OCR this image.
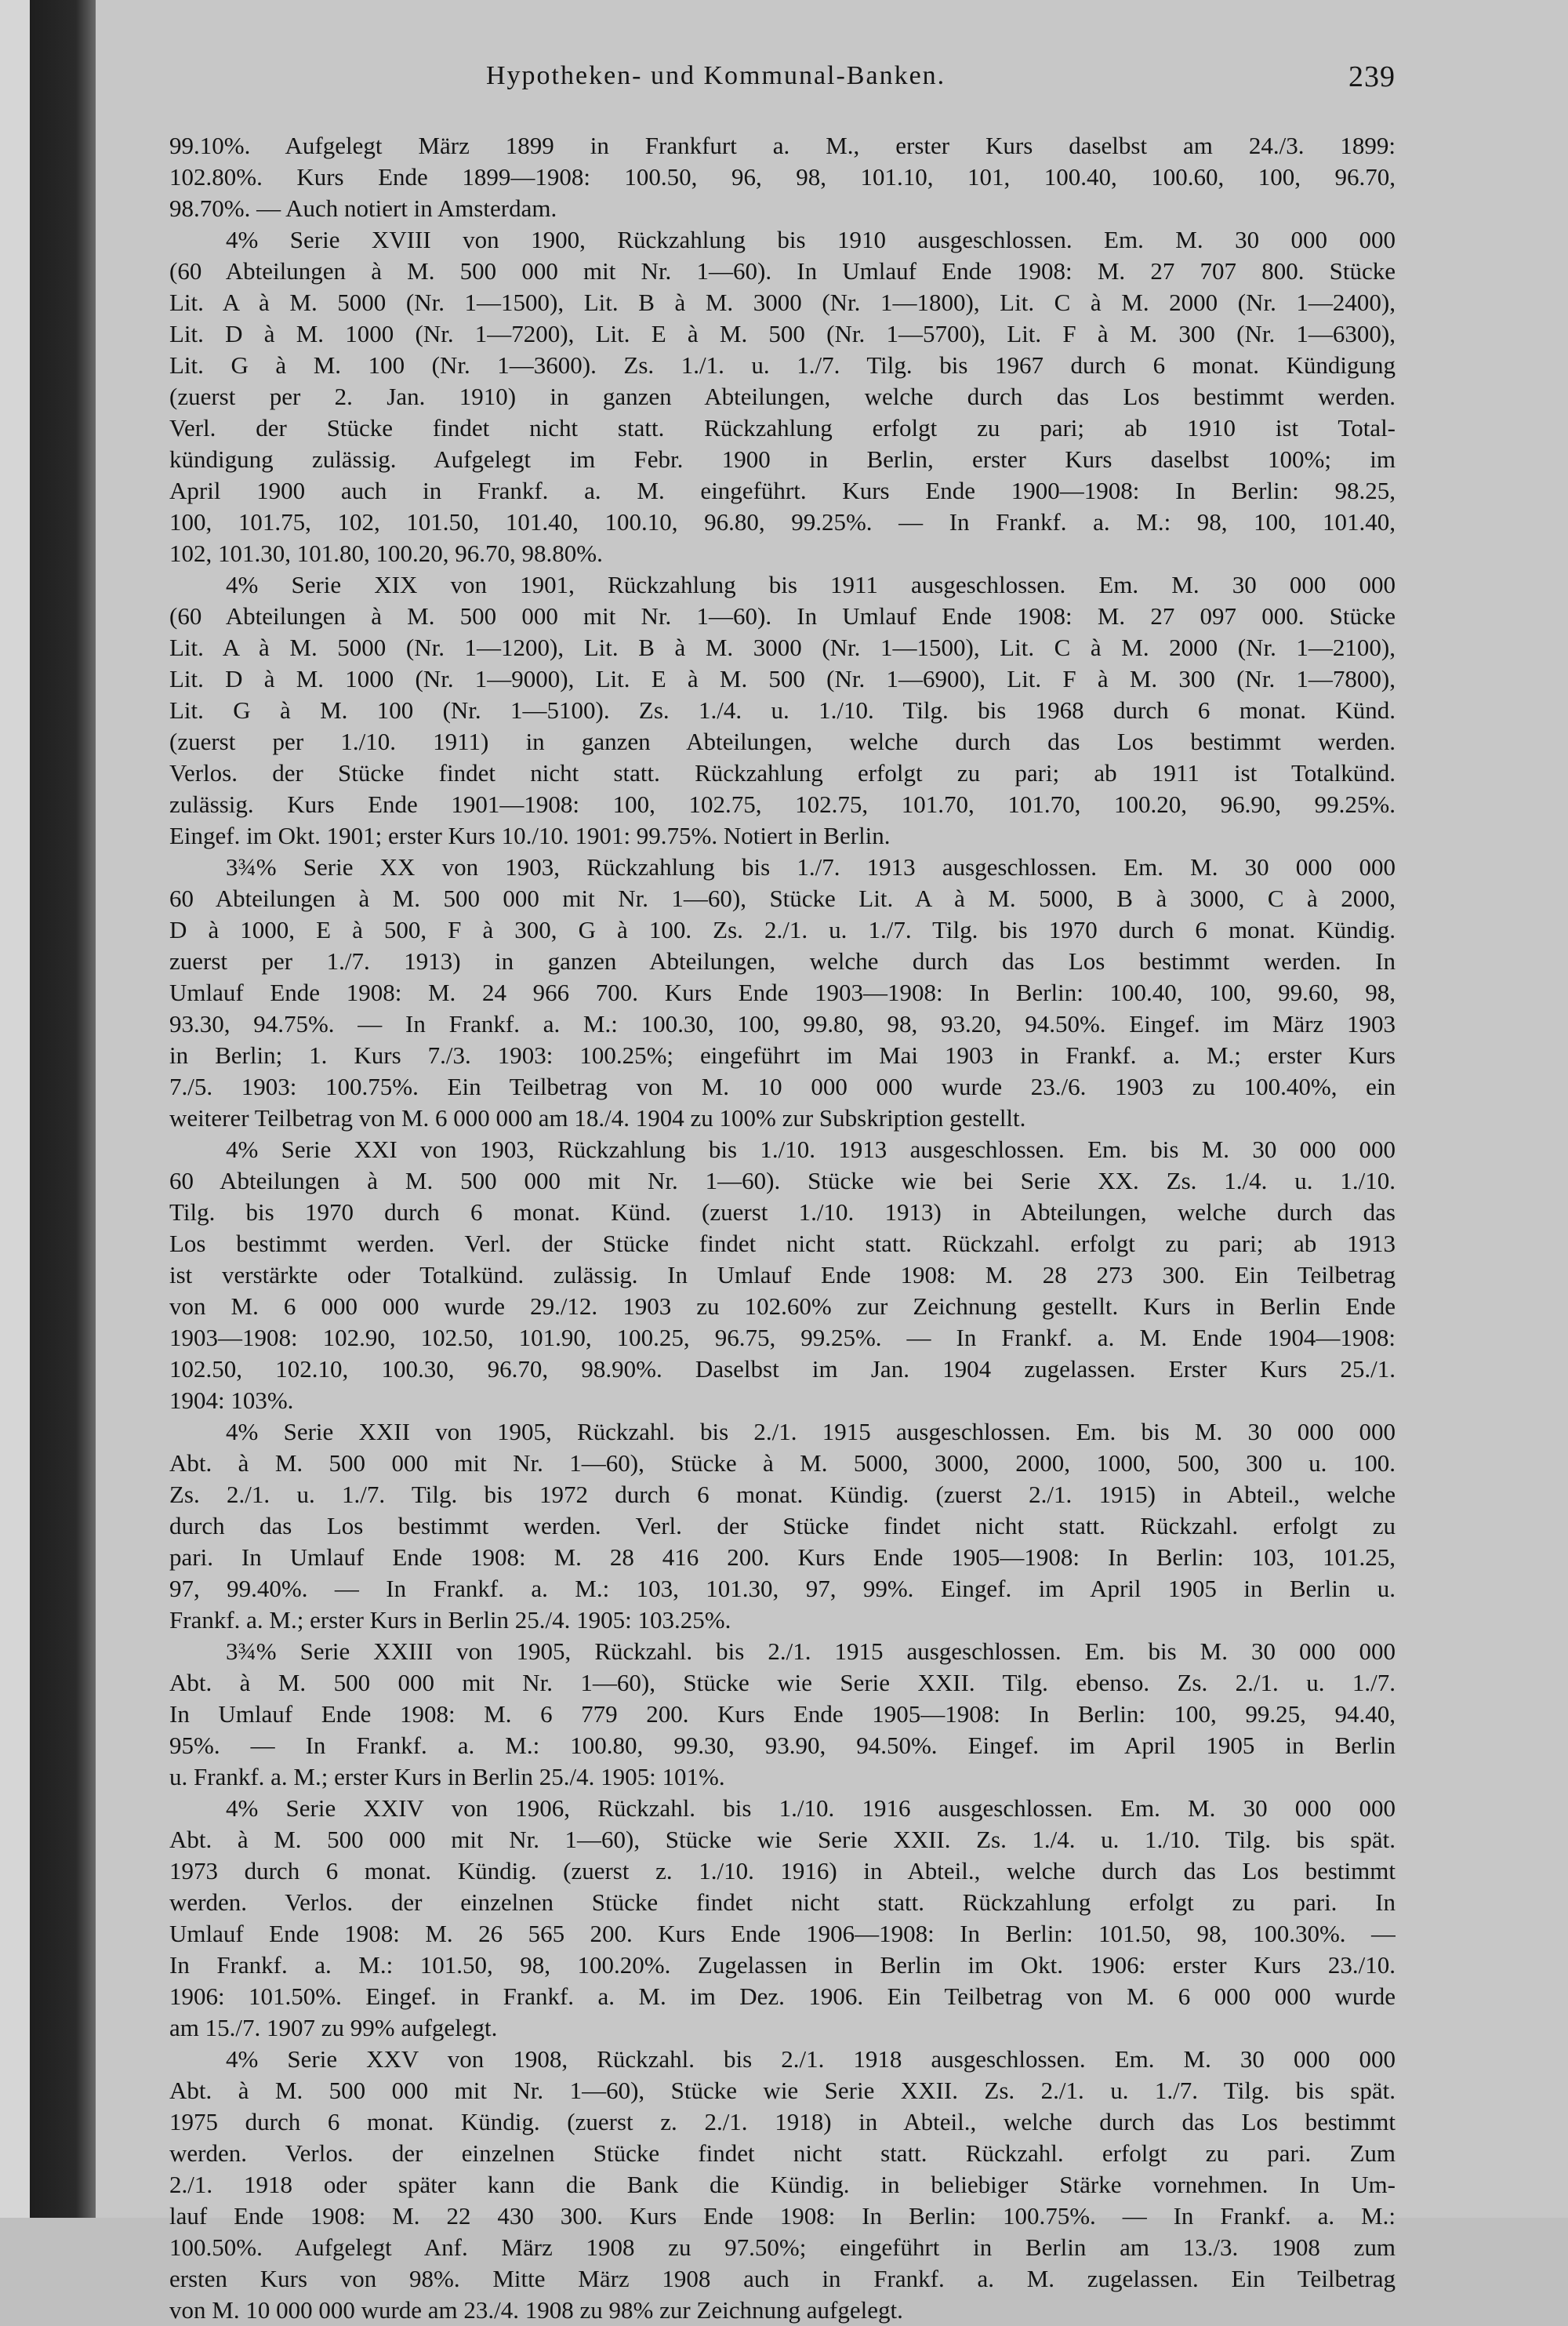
Hypotheken- und Kommunal-Banken.	239
99.10%. Aufgelegt März 1899 in Frankfurt a. M., erster Kurs daselbst am 24./3. 1899:
102.80%. Kurs Ende 1899—1908: 100.50, 96, 98, 101.10, 101, 100.40, 100.60, 100, 96.70,
98.70%. — Auch notiert in Amsterdam.
4% Serie XVIII von 1900, Rückzahlung bis 1910 ausgeschlossen. Em. M. 30 000 000
(60 Abteilungen à M. 500 000 mit Nr. 1—60). In Umlauf Ende 1908: M. 27 707 800. Stücke
Lit. A à M. 5000 (Nr. 1—1500), Lit. B à M. 3000 (Nr. 1—1800), Lit. C à M. 2000 (Nr. 1—2400),
Lit. D à M. 1000 (Nr. 1—7200), Lit. E à M. 500 (Nr. 1—5700), Lit. F à M. 300 (Nr. 1—6300),
Lit. G à M. 100 (Nr. 1—3600). Zs. 1./1. u. 1./7. Tilg. bis 1967 durch 6 monat. Kündigung
(zuerst per 2. Jan. 1910) in ganzen Abteilungen, welche durch das Los bestimmt werden.
Verl. der Stücke findet nicht statt. Rückzahlung erfolgt zu pari; ab 1910 ist Total-
kündigung zulässig. Aufgelegt im Febr. 1900 in Berlin, erster Kurs daselbst 100%; im
April 1900 auch in Frankf. a. M. eingeführt. Kurs Ende 1900—1908: In Berlin: 98.25,
100, 101.75, 102, 101.50, 101.40, 100.10, 96.80, 99.25%. — In Frankf. a. M.: 98, 100, 101.40,
102, 101.30, 101.80, 100.20, 96.70, 98.80%.
4% Serie XIX von 1901, Rückzahlung bis 1911 ausgeschlossen. Em. M. 30 000 000
(60 Abteilungen à M. 500 000 mit Nr. 1—60). In Umlauf Ende 1908: M. 27 097 000. Stücke
Lit. A à M. 5000 (Nr. 1—1200), Lit. B à M. 3000 (Nr. 1—1500), Lit. C à M. 2000 (Nr. 1—2100),
Lit. D à M. 1000 (Nr. 1—9000), Lit. E à M. 500 (Nr. 1—6900), Lit. F à M. 300 (Nr. 1—7800),
Lit. G à M. 100 (Nr. 1—5100). Zs. 1./4. u. 1./10. Tilg. bis 1968 durch 6 monat. Künd.
(zuerst per 1./10. 1911) in ganzen Abteilungen, welche durch das Los bestimmt werden.
Verlos. der Stücke findet nicht statt. Rückzahlung erfolgt zu pari; ab 1911 ist Totalkünd.
zulässig. Kurs Ende 1901—1908: 100, 102.75, 102.75, 101.70, 101.70, 100.20, 96.90, 99.25%.
Eingef. im Okt. 1901; erster Kurs 10./10. 1901: 99.75%. Notiert in Berlin.
3¾% Serie XX von 1903, Rückzahlung bis 1./7. 1913 ausgeschlossen. Em. M. 30 000 000
60 Abteilungen à M. 500 000 mit Nr. 1—60), Stücke Lit. A à M. 5000, B à 3000, C à 2000,
D à 1000, E à 500, F à 300, G à 100. Zs. 2./1. u. 1./7. Tilg. bis 1970 durch 6 monat. Kündig.
zuerst per 1./7. 1913) in ganzen Abteilungen, welche durch das Los bestimmt werden. In
Umlauf Ende 1908: M. 24 966 700. Kurs Ende 1903—1908: In Berlin: 100.40, 100, 99.60, 98,
93.30, 94.75%. — In Frankf. a. M.: 100.30, 100, 99.80, 98, 93.20, 94.50%. Eingef. im März 1903
in Berlin; 1. Kurs 7./3. 1903: 100.25%; eingeführt im Mai 1903 in Frankf. a. M.; erster Kurs
7./5. 1903: 100.75%. Ein Teilbetrag von M. 10 000 000 wurde 23./6. 1903 zu 100.40%, ein
weiterer Teilbetrag von M. 6 000 000 am 18./4. 1904 zu 100% zur Subskription gestellt.
4% Serie XXI von 1903, Rückzahlung bis 1./10. 1913 ausgeschlossen. Em. bis M. 30 000 000
60 Abteilungen à M. 500 000 mit Nr. 1—60). Stücke wie bei Serie XX. Zs. 1./4. u. 1./10.
Tilg. bis 1970 durch 6 monat. Künd. (zuerst 1./10. 1913) in Abteilungen, welche durch das
Los bestimmt werden. Verl. der Stücke findet nicht statt. Rückzahl. erfolgt zu pari; ab 1913
ist verstärkte oder Totalkünd. zulässig. In Umlauf Ende 1908: M. 28 273 300. Ein Teilbetrag
von M. 6 000 000 wurde 29./12. 1903 zu 102.60% zur Zeichnung gestellt. Kurs in Berlin Ende
1903—1908: 102.90, 102.50, 101.90, 100.25, 96.75, 99.25%. — In Frankf. a. M. Ende 1904—1908:
102.50, 102.10, 100.30, 96.70, 98.90%. Daselbst im Jan. 1904 zugelassen. Erster Kurs 25./1.
1904: 103%.
4% Serie XXII von 1905, Rückzahl. bis 2./1. 1915 ausgeschlossen. Em. bis M. 30 000 000
Abt. à M. 500 000 mit Nr. 1—60), Stücke à M. 5000, 3000, 2000, 1000, 500, 300 u. 100.
Zs. 2./1. u. 1./7. Tilg. bis 1972 durch 6 monat. Kündig. (zuerst 2./1. 1915) in Abteil., welche
durch das Los bestimmt werden. Verl. der Stücke findet nicht statt. Rückzahl. erfolgt zu
pari. In Umlauf Ende 1908: M. 28 416 200. Kurs Ende 1905—1908: In Berlin: 103, 101.25,
97, 99.40%. — In Frankf. a. M.: 103, 101.30, 97, 99%. Eingef. im April 1905 in Berlin u.
Frankf. a. M.; erster Kurs in Berlin 25./4. 1905: 103.25%.
3¾% Serie XXIII von 1905, Rückzahl. bis 2./1. 1915 ausgeschlossen. Em. bis M. 30 000 000
Abt. à M. 500 000 mit Nr. 1—60), Stücke wie Serie XXII. Tilg. ebenso. Zs. 2./1. u. 1./7.
In Umlauf Ende 1908: M. 6 779 200. Kurs Ende 1905—1908: In Berlin: 100, 99.25, 94.40,
95%. — In Frankf. a. M.: 100.80, 99.30, 93.90, 94.50%. Eingef. im April 1905 in Berlin
u. Frankf. a. M.; erster Kurs in Berlin 25./4. 1905: 101%.
4% Serie XXIV von 1906, Rückzahl. bis 1./10. 1916 ausgeschlossen. Em. M. 30 000 000
Abt. à M. 500 000 mit Nr. 1—60), Stücke wie Serie XXII. Zs. 1./4. u. 1./10. Tilg. bis spät.
1973 durch 6 monat. Kündig. (zuerst z. 1./10. 1916) in Abteil., welche durch das Los bestimmt
werden. Verlos. der einzelnen Stücke findet nicht statt. Rückzahlung erfolgt zu pari. In
Umlauf Ende 1908: M. 26 565 200. Kurs Ende 1906—1908: In Berlin: 101.50, 98, 100.30%. —
In Frankf. a. M.: 101.50, 98, 100.20%. Zugelassen in Berlin im Okt. 1906: erster Kurs 23./10.
1906: 101.50%. Eingef. in Frankf. a. M. im Dez. 1906. Ein Teilbetrag von M. 6 000 000 wurde
am 15./7. 1907 zu 99% aufgelegt.
4% Serie XXV von 1908, Rückzahl. bis 2./1. 1918 ausgeschlossen. Em. M. 30 000 000
Abt. à M. 500 000 mit Nr. 1—60), Stücke wie Serie XXII. Zs. 2./1. u. 1./7. Tilg. bis spät.
1975 durch 6 monat. Kündig. (zuerst z. 2./1. 1918) in Abteil., welche durch das Los bestimmt
werden. Verlos. der einzelnen Stücke findet nicht statt. Rückzahl. erfolgt zu pari. Zum
2./1. 1918 oder später kann die Bank die Kündig. in beliebiger Stärke vornehmen. In Um-
lauf Ende 1908: M. 22 430 300. Kurs Ende 1908: In Berlin: 100.75%. — In Frankf. a. M.:
100.50%. Aufgelegt Anf. März 1908 zu 97.50%; eingeführt in Berlin am 13./3. 1908 zum
ersten Kurs von 98%. Mitte März 1908 auch in Frankf. a. M. zugelassen. Ein Teilbetrag
von M. 10 000 000 wurde am 23./4. 1908 zu 98% zur Zeichnung aufgelegt.
